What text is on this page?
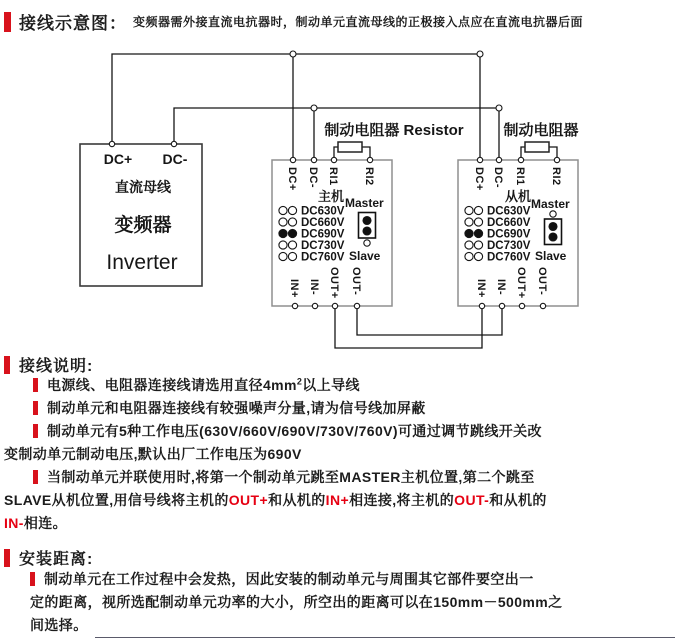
接线示意图： 变频器需外接直流电抗器时，制动单元直流母线的正极接入点应在直流电抗器后面
DC+ DC-
直流母线
变频器
Inverter
制动电阻器 Resistor	制动电阻器
DC+ DC- RI1 RI2
主机
DC630V
DC660V
DC690V
DC730V
DC760V
Master
Slave
IN+ IN- OUT+ OUT-
DC+ DC- RI1 RI2
从机
DC630V
DC660V
DC690V
DC730V
DC760V
Master
Slave
IN+ IN- OUT+ OUT-
接线说明:
电源线、电阻器连接线请选用直径$4mm^2$以上导线
制动单元和电阻器连接线有较强噪声分量,请为信号线加屏蔽
制动单元有5种工作电压(630V/660V/690V/730V/760V)可通过调节跳线开关改
变制动单元制动电压,默认出厂工作电压为690V
当制动单元并联使用时,将第一个制动单元跳至MASTER主机位置,第二个跳至
SLAVE从机位置,用信号线将主机的OUT+和从机的IN+相连接,将主机的OUT-和从机的
IN-相连。
安装距离:
制动单元在工作过程中会发热，因此安装的制动单元与周围其它部件要空出一
定的距离，视所选配制动单元功率的大小，所空出的距离可以在150mm－500mm之
间选择。
